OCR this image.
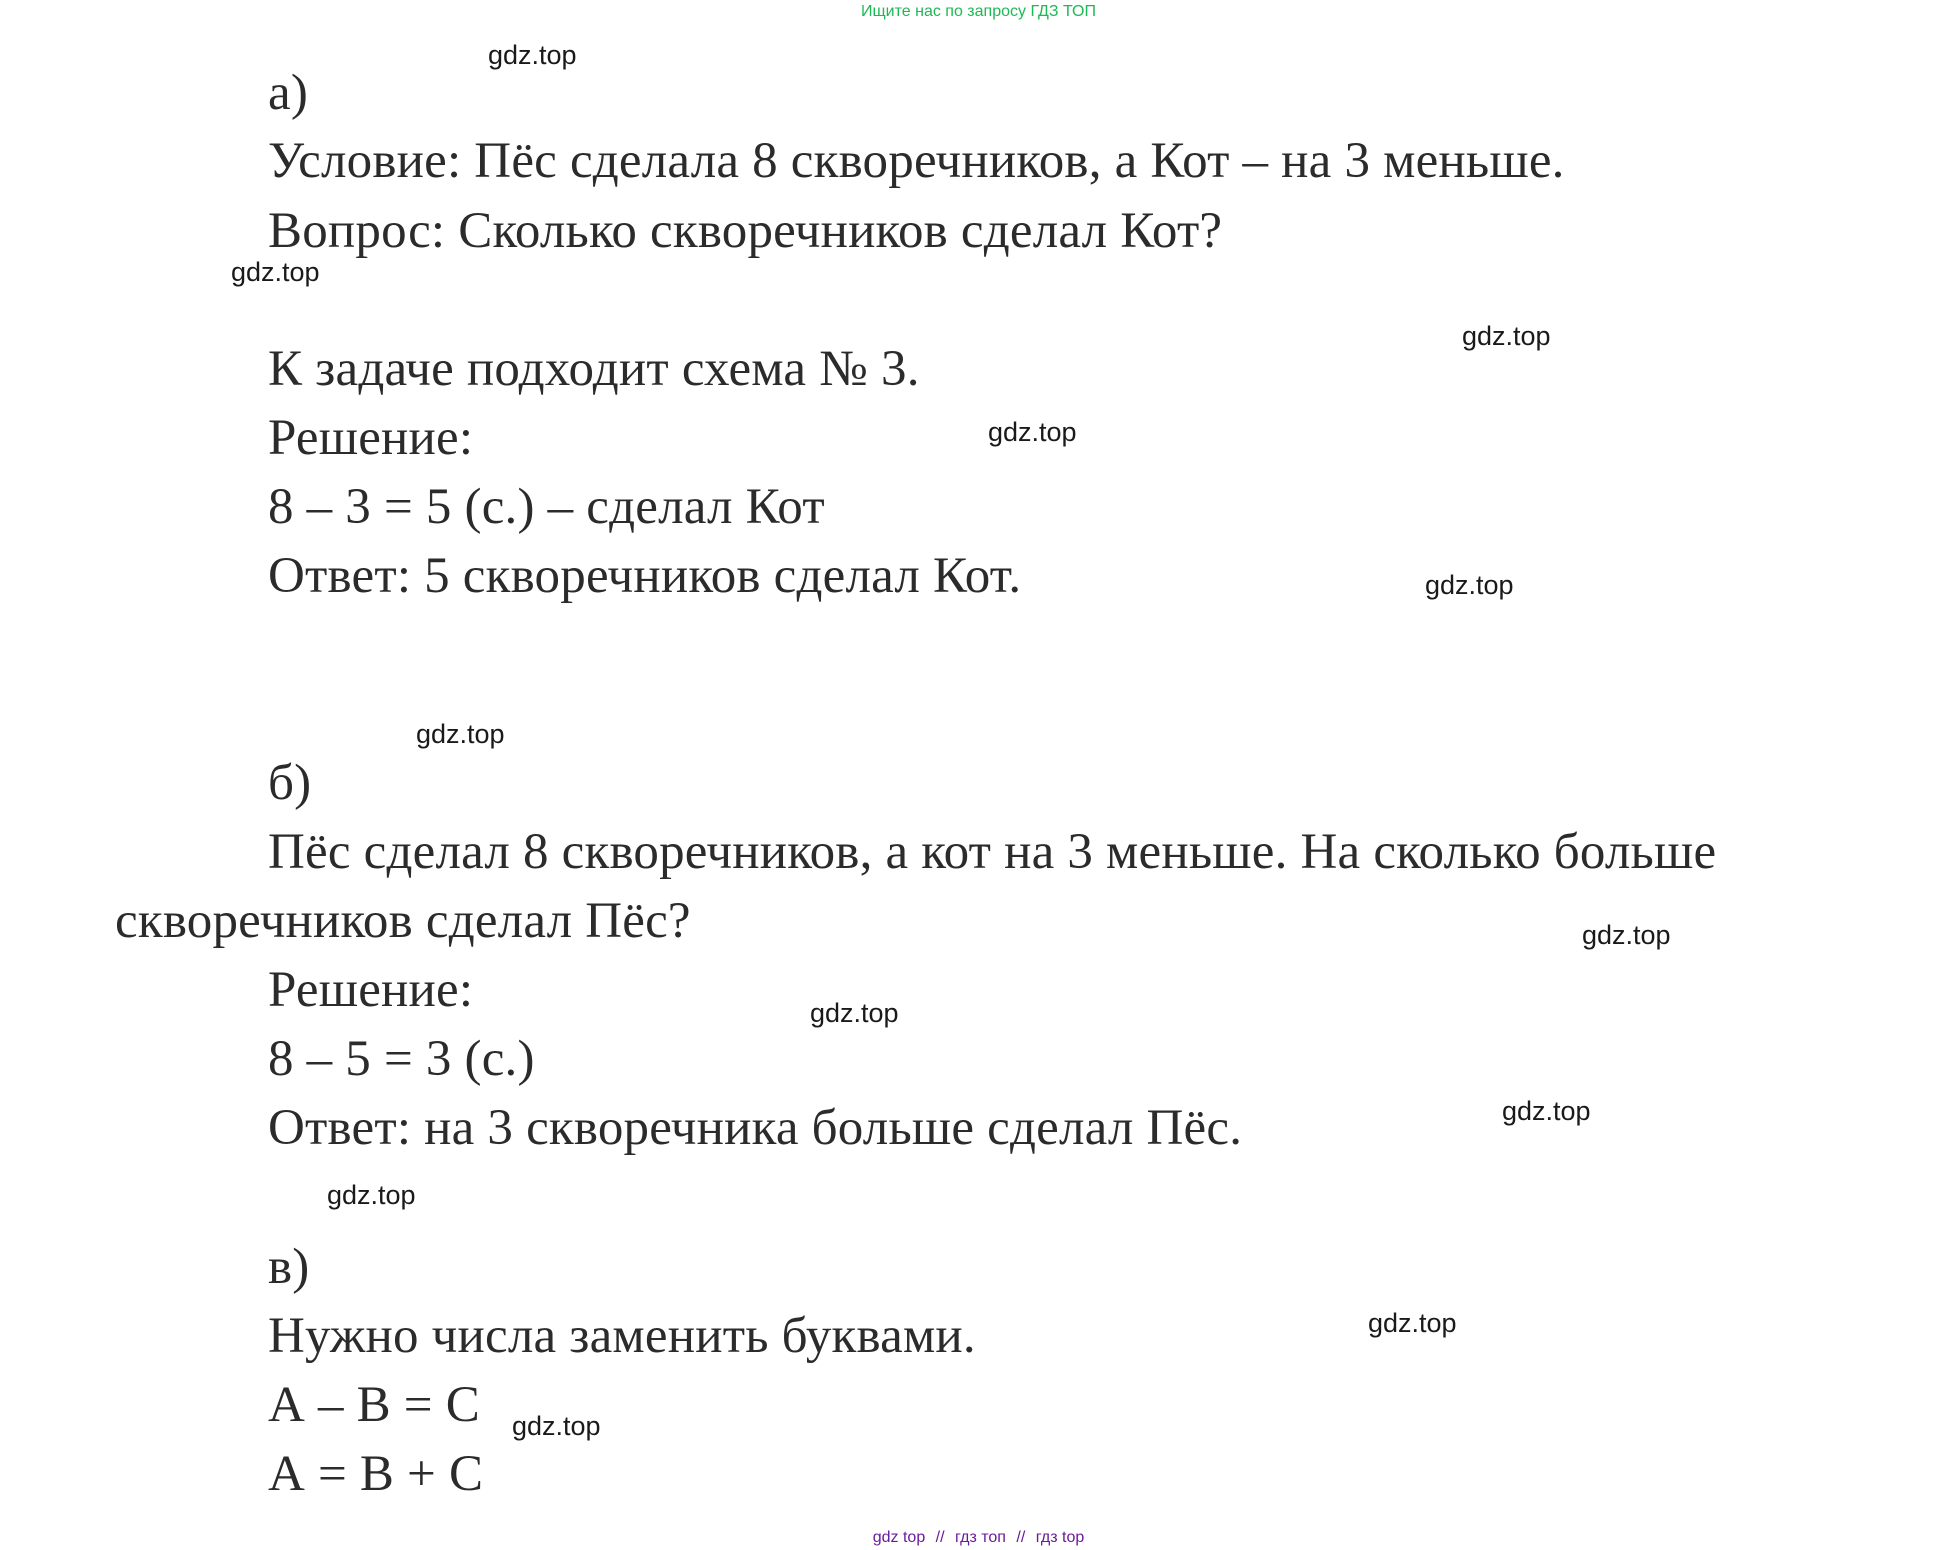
Ищите нас по запросу ГДЗ ТОП
а)
Условие: Пёс сделала 8 скворечников, а Кот – на 3 меньше.
Вопрос: Сколько скворечников сделал Кот?
К задаче подходит схема № 3.
Решение:
8 – 3 = 5 (с.) – сделал Кот
Ответ: 5 скворечников сделал Кот.
б)
Пёс сделал 8 скворечников, а кот на 3 меньше. На сколько больше
скворечников сделал Пёс?
Решение:
8 – 5 = 3 (с.)
Ответ: на 3 скворечника больше сделал Пёс.
в)
Нужно числа заменить буквами.
А – В = С
А = В + С
gdz.top
gdz.top
gdz.top
gdz.top
gdz.top
gdz.top
gdz.top
gdz.top
gdz.top
gdz.top
gdz.top
gdz.top
gdz top // гдз топ // гдз top
